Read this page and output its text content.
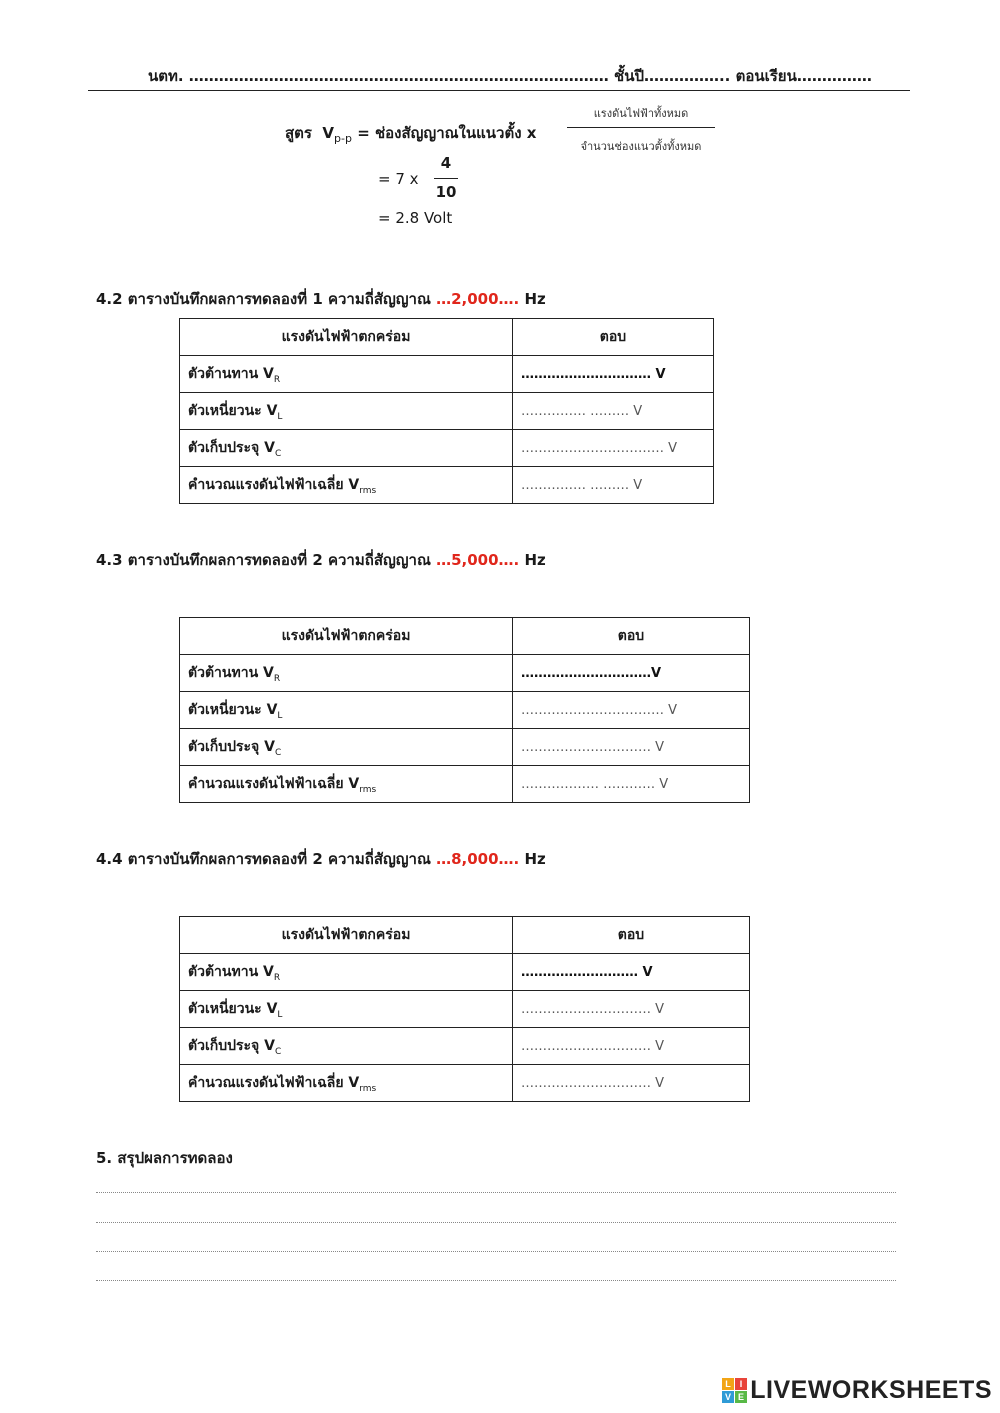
นตท. ………………………………………………………………………… ชั้นปี…………….. ตอนเรียน……………
สูตร $V_{p-p}$ = ช่องสัญญาณในแนวตั้ง x
แรงดันไฟฟ้าทั้งหมด
จำนวนช่องแนวตั้งทั้งหมด
= 7 x
4
10
= 2.8 Volt
4.2 ตารางบันทึกผลการทดลองที่ 1 ความถี่สัญญาณ …2,000…. Hz
แรงดันไฟฟ้าตกคร่อม	ตอบ
ตัวต้านทาน $V_R$	………………………… V
ตัวเหนี่ยวนะ $V_L$	…………… ……… V
ตัวเก็บประจุ $V_C$	…………………………… V
คำนวณแรงดันไฟฟ้าเฉลี่ย $V_{rms}$	…………… ……… V
4.3 ตารางบันทึกผลการทดลองที่ 2 ความถี่สัญญาณ …5,000…. Hz
แรงดันไฟฟ้าตกคร่อม	ตอบ
ตัวต้านทาน $V_R$	…………………………V
ตัวเหนี่ยวนะ $V_L$	…………………………… V
ตัวเก็บประจุ $V_C$	………………………… V
คำนวณแรงดันไฟฟ้าเฉลี่ย $V_{rms}$	……………… ………… V
4.4 ตารางบันทึกผลการทดลองที่ 2 ความถี่สัญญาณ …8,000…. Hz
แรงดันไฟฟ้าตกคร่อม	ตอบ
ตัวต้านทาน $V_R$	……………………… V
ตัวเหนี่ยวนะ $V_L$	………………………… V
ตัวเก็บประจุ $V_C$	………………………… V
คำนวณแรงดันไฟฟ้าเฉลี่ย $V_{rms}$	………………………… V
5. สรุปผลการทดลอง
L I
V E LIVEWORKSHEETS
